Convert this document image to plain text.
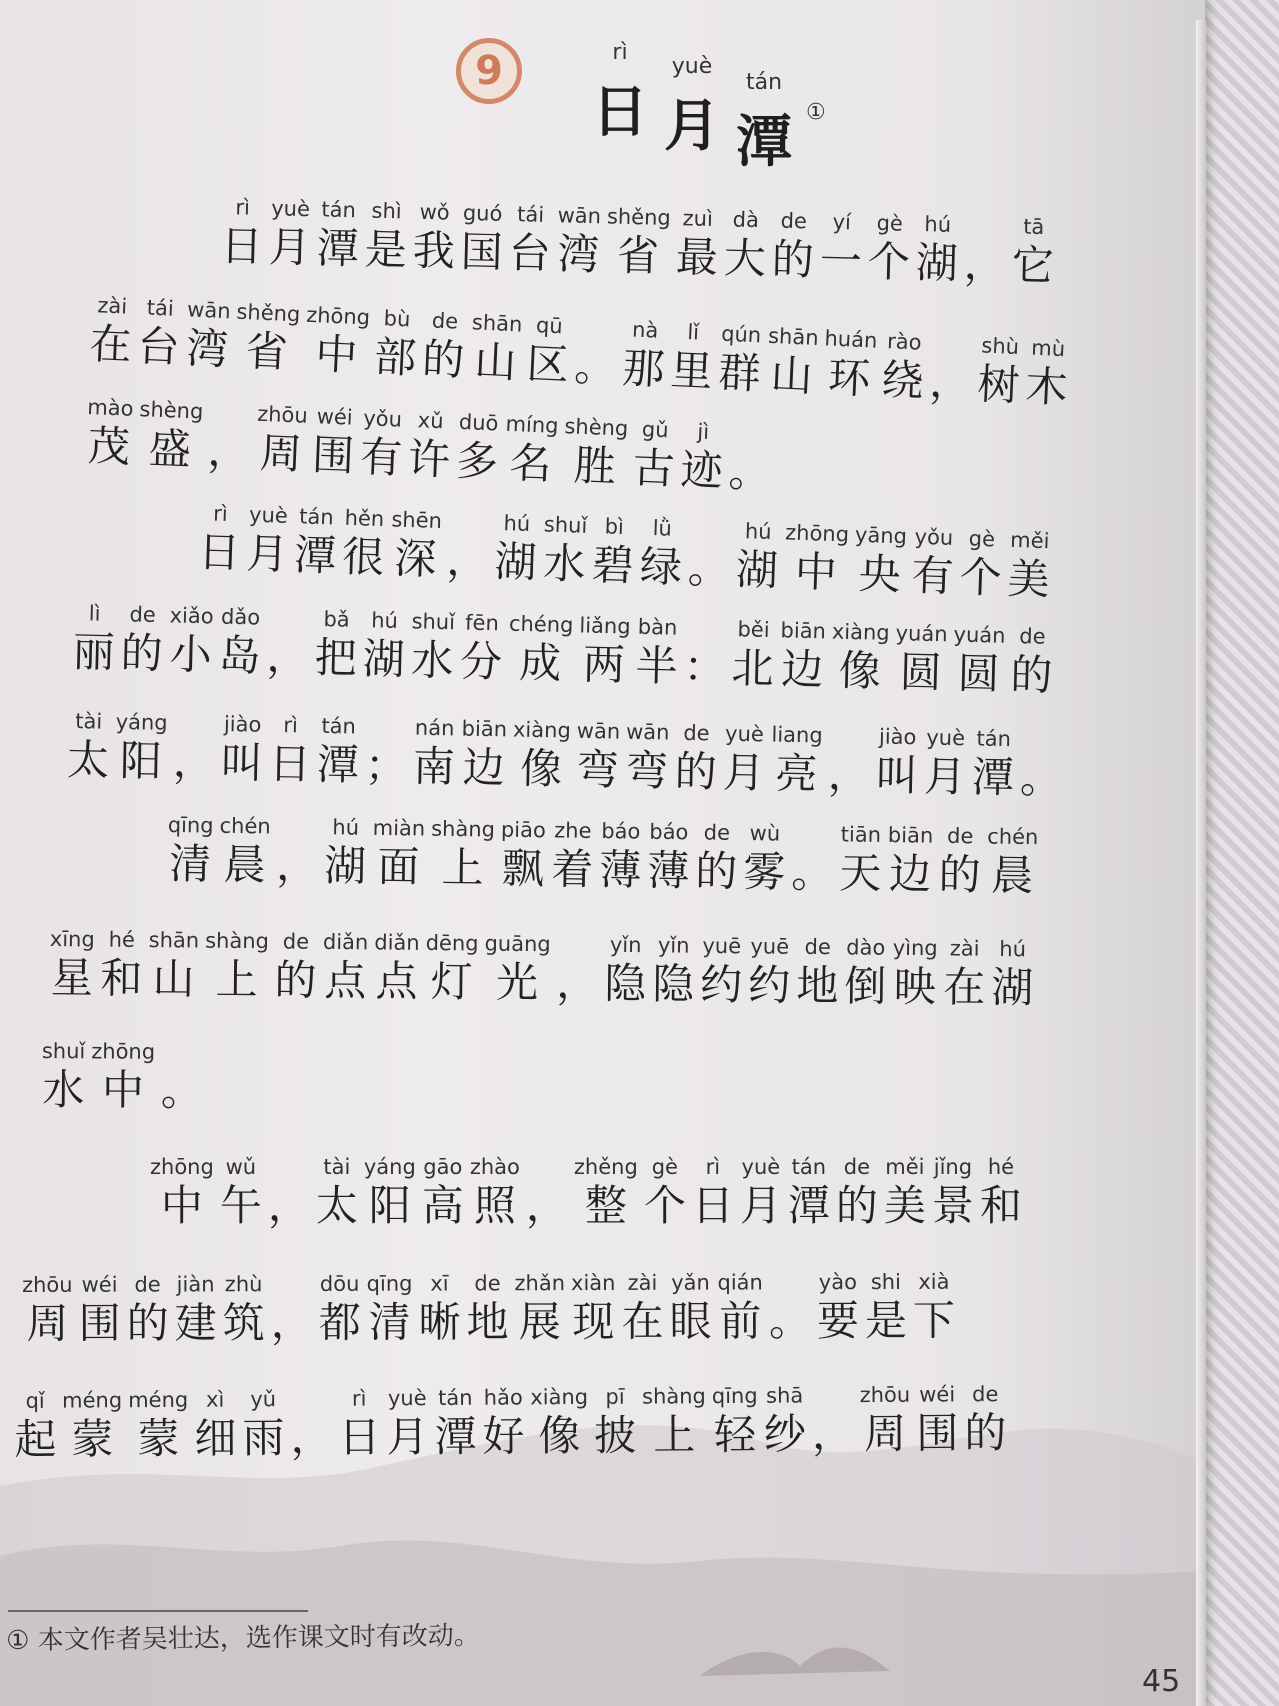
9	rì
日
yuè
月
tán
潭 ①
rì
日
yuè
月
tán
潭
shì
是
wǒ
我
guó
国
tái
台
wān
湾
shěng
省
zuì
最
dà
大
de
的
yí
一
gè
个
hú
湖 ，
tā
它
zài
在
tái
台
wān
湾
shěng
省
zhōng
中
bù
部
de
的
shān
山
qū
区 。
nà
那
lǐ
里
qún
群
shān
山
huán
环
rào
绕 ，
shù
树
mù
木
mào
茂
shèng
盛 ，
zhōu
周
wéi
围
yǒu
有
xǔ
许
duō
多
míng
名
shèng
胜
gǔ
古
jì
迹 。
rì
日
yuè
月
tán
潭
hěn
很
shēn
深 ，
hú
湖
shuǐ
水
bì
碧
lǜ
绿 。
hú
湖
zhōng
中
yāng
央
yǒu
有
gè
个
měi
美
lì
丽
de
的
xiǎo
小
dǎo
岛 ，
bǎ
把
hú
湖
shuǐ
水
fēn
分
chéng
成
liǎng
两
bàn
半 ：
běi
北
biān
边
xiàng
像
yuán
圆
yuán
圆
de
的
tài
太
yáng
阳 ，
jiào
叫
rì
日
tán
潭 ；
nán
南
biān
边
xiàng
像
wān
弯
wān
弯
de
的
yuè
月
liang
亮 ，
jiào
叫
yuè
月
tán
潭 。
qīng
清
chén
晨 ，
hú
湖
miàn
面
shàng
上
piāo
飘
zhe
着
báo
薄
báo
薄
de
的
wù
雾 。
tiān
天
biān
边
de
的
chén
晨
xīng
星
hé
和
shān
山
shàng
上
de
的
diǎn
点
diǎn
点
dēng
灯
guāng
光 ，
yǐn
隐
yǐn
隐
yuē
约
yuē
约
de
地
dào
倒
yìng
映
zài
在
hú
湖
shuǐ
水
zhōng
中 。
zhōng
中
wǔ
午 ，
tài
太
yáng
阳
gāo
高
zhào
照 ，
zhěng
整
gè
个
rì
日
yuè
月
tán
潭
de
的
měi
美
jǐng
景
hé
和
zhōu
周
wéi
围
de
的
jiàn
建
zhù
筑 ，
dōu
都
qīng
清
xī
晰
de
地
zhǎn
展
xiàn
现
zài
在
yǎn
眼
qián
前 。
yào
要
shi
是
xià
下
qǐ
起
méng
蒙
méng
蒙
xì
细
yǔ
雨 ，
rì
日
yuè
月
tán
潭
hǎo
好
xiàng
像
pī
披
shàng
上
qīng
轻
shā
纱 ，
zhōu
周
wéi
围
de
的
① 本文作者吴壮达，选作课文时有改动。
45
